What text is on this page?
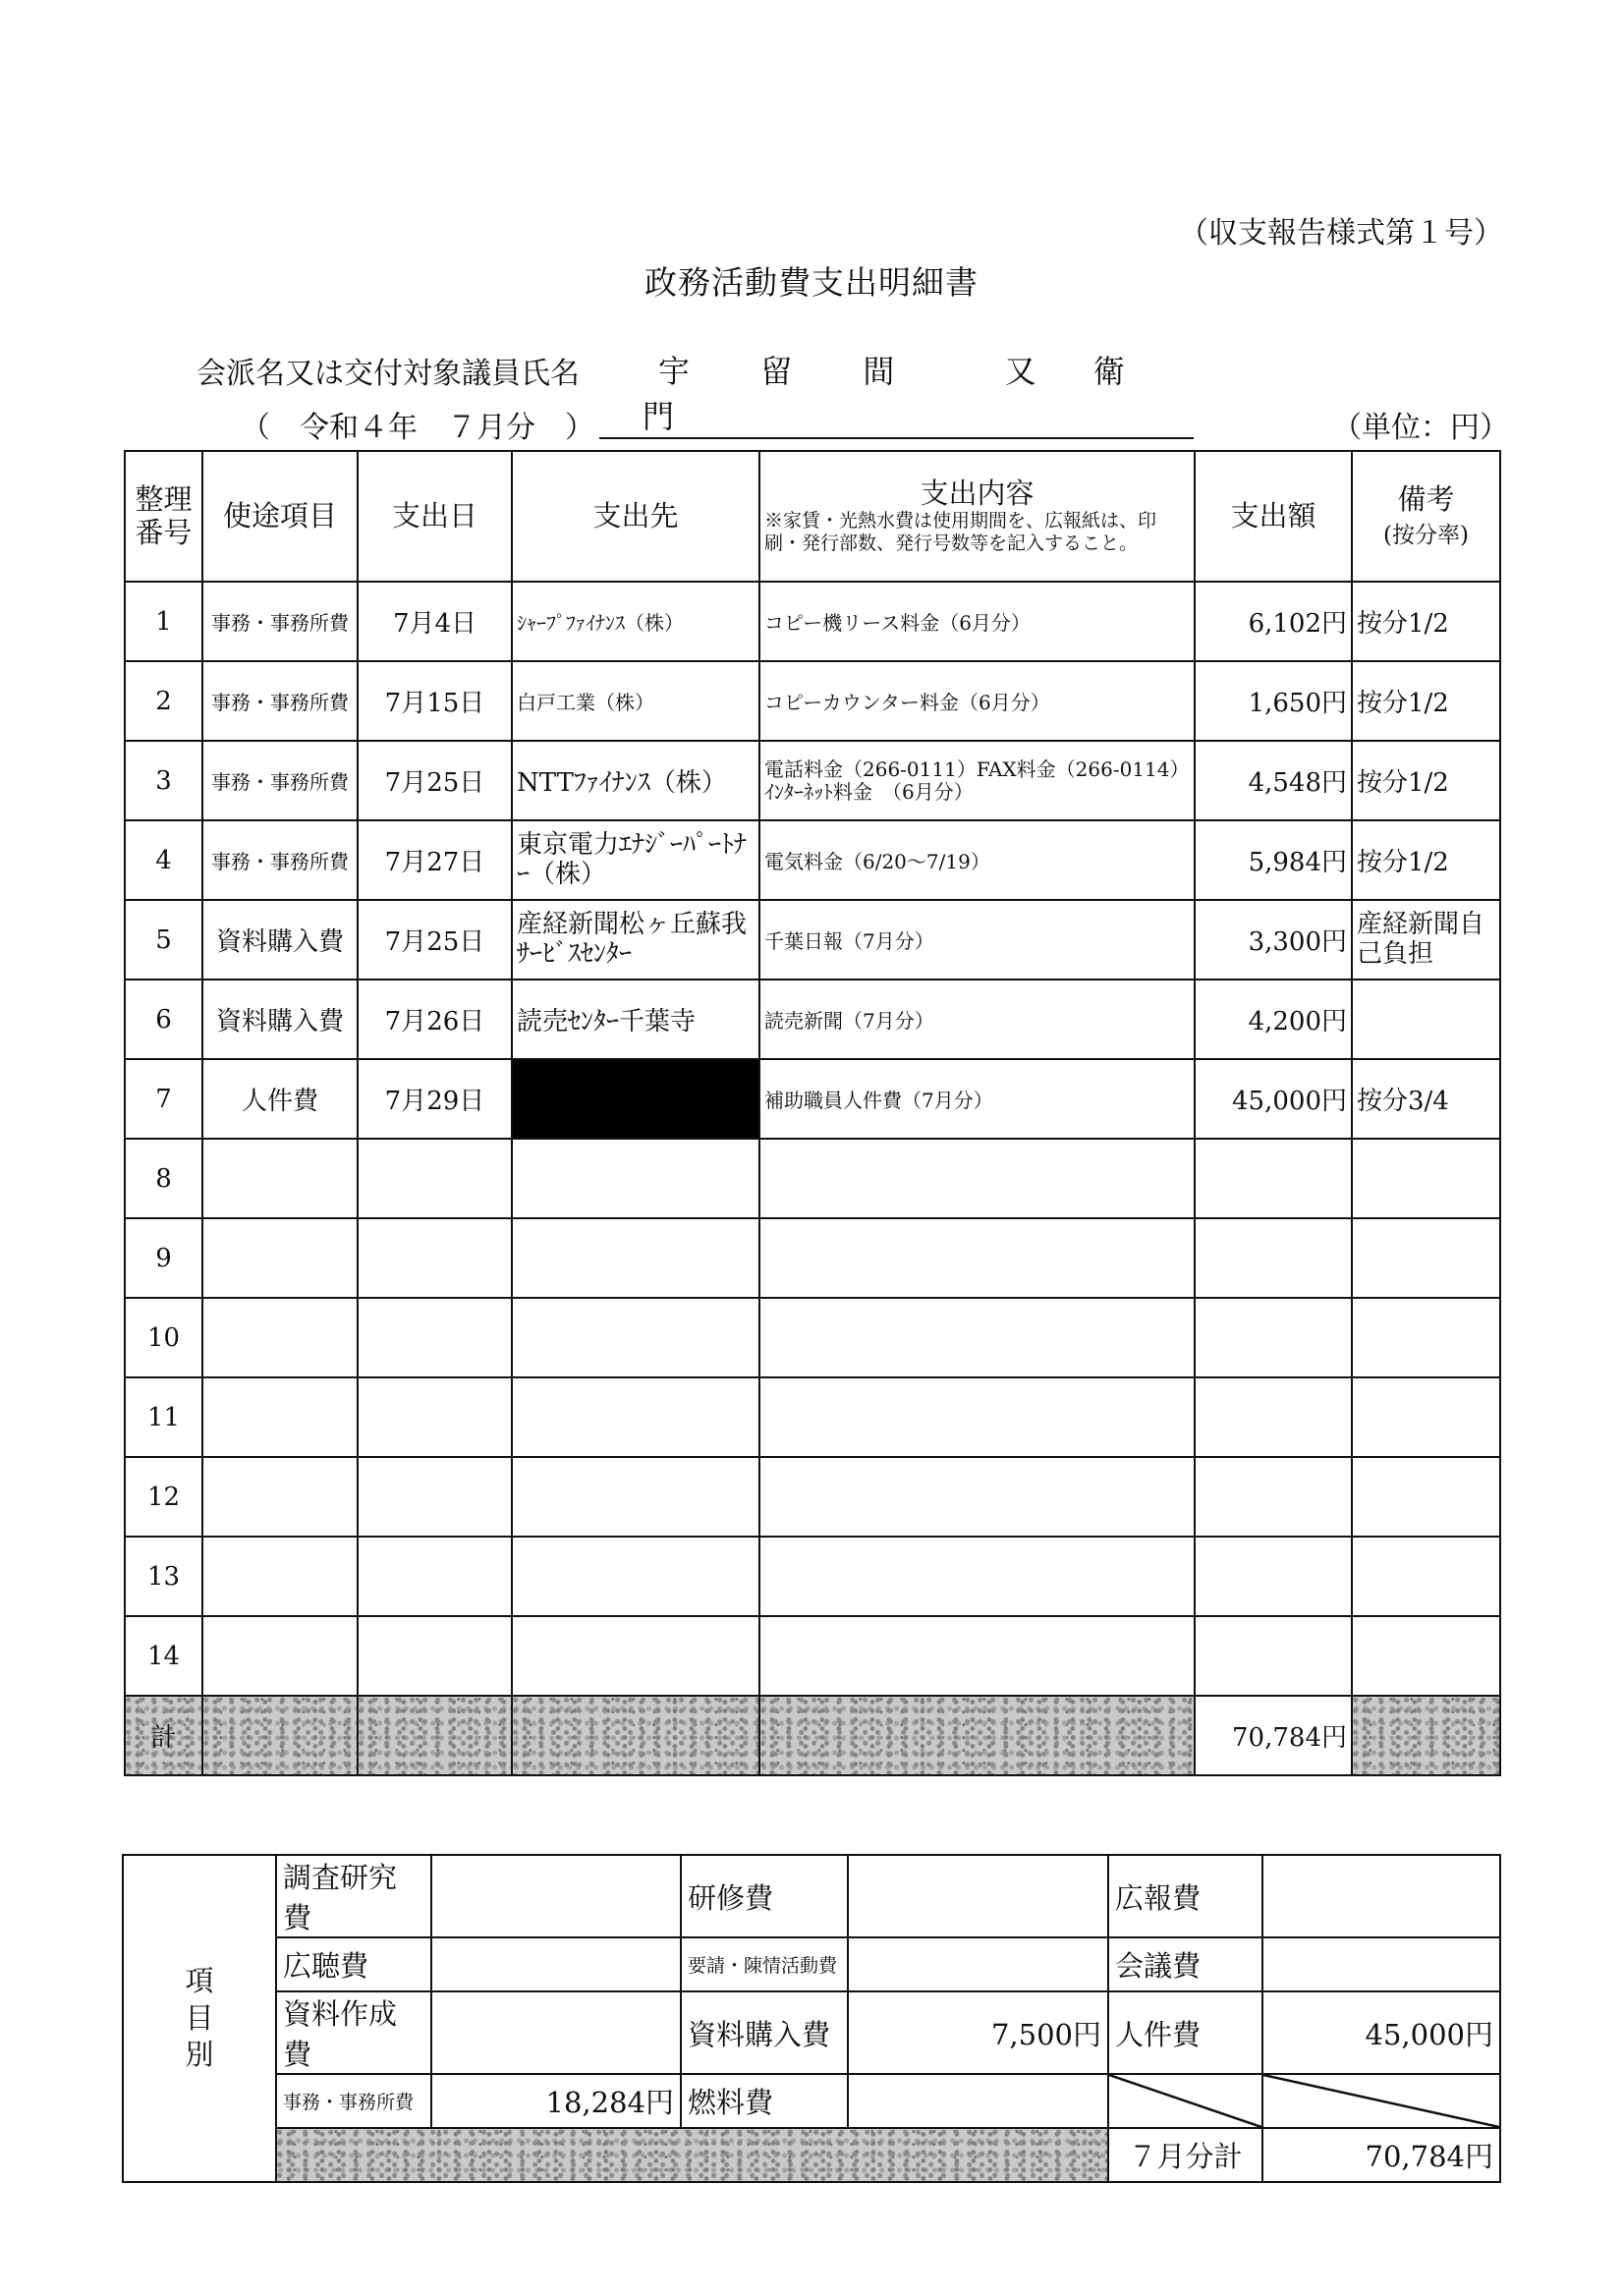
（収支報告様式第１号）
政務活動費支出明細書
会派名又は交付対象議員氏名	宇 留 間	又 衛 門
（　令和４年　７月分　）	（単位：円）
整理
番号	使途項目	支出日	支出先	支出内容
※家賃・光熱水費は使用期間を、広報紙は、印刷・発行部数、発行号数等を記入すること。	支出額	備考
(按分率)
1	事務・事務所費	7月4日	ｼｬｰﾌﾟﾌｧｲﾅﾝｽ（株）	コピー機リース料金（6月分）	6,102円	按分1/2
2	事務・事務所費	7月15日	白戸工業（株）	コピーカウンター料金（6月分）	1,650円	按分1/2
3	事務・事務所費	7月25日	NTTﾌｧｲﾅﾝｽ（株）	電話料金（266-0111）FAX料金（266-0114）ｲﾝﾀｰﾈｯﾄ料金　（6月分）	4,548円	按分1/2
4	事務・事務所費	7月27日	東京電力ｴﾅｼﾞｰﾊﾟｰﾄﾅｰ（株）	電気料金（6/20～7/19）	5,984円	按分1/2
5	資料購入費	7月25日	産経新聞松ヶ丘蘇我ｻｰﾋﾞｽｾﾝﾀｰ	千葉日報（7月分）	3,300円	産経新聞自己負担
6	資料購入費	7月26日	読売ｾﾝﾀｰ千葉寺	読売新聞（7月分）	4,200円	
7	人件費	7月29日		補助職員人件費（7月分）	45,000円	按分3/4
8						
9						
10						
11						
12						
13						
14						
計					70,784円	
項
目
別	調査研究費		研修費		広報費	
	広聴費		要請・陳情活動費		会議費	
	資料作成費		資料購入費	7,500円	人件費	45,000円
	事務・事務所費	18,284円	燃料費			
					７月分計	70,784円
